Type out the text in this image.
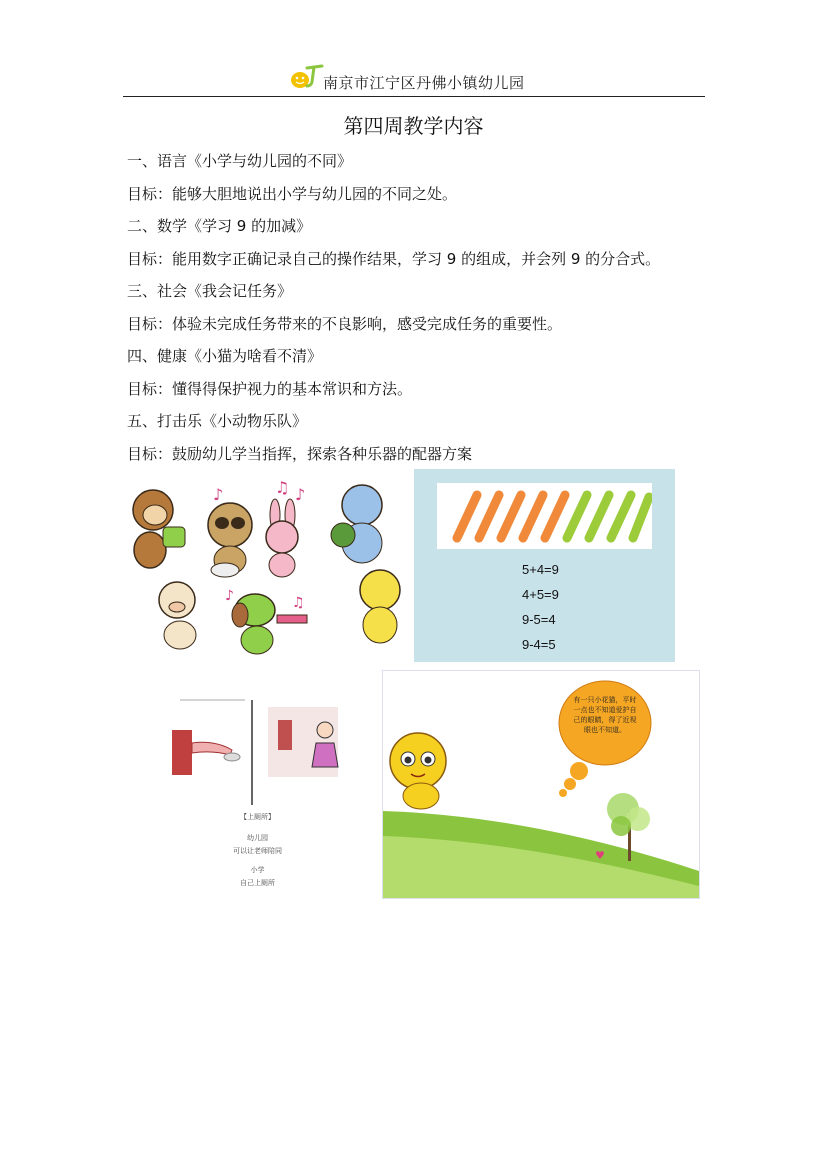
南京市江宁区丹佛小镇幼儿园
第四周教学内容
一、语言《小学与幼儿园的不同》
目标：能够大胆地说出小学与幼儿园的不同之处。
二、数学《学习 9 的加减》
目标：能用数字正确记录自己的操作结果，学习 9 的组成，并会列 9 的分合式。
三、社会《我会记任务》
目标：体验未完成任务带来的不良影响，感受完成任务的重要性。
四、健康《小猫为啥看不清》
目标：懂得得保护视力的基本常识和方法。
五、打击乐《小动物乐队》
目标：鼓励幼儿学当指挥，探索各种乐器的配器方案
♪	♫ ♪
♪	♫
5+4=9
4+5=9
9-5=4
9-4=5
【上厕所】
幼儿园
可以让老师陪同
小学
自己上厕所
♥
有一只小花猫，平时一点也不知道爱护自己的眼睛，得了近视眼也不知道。
